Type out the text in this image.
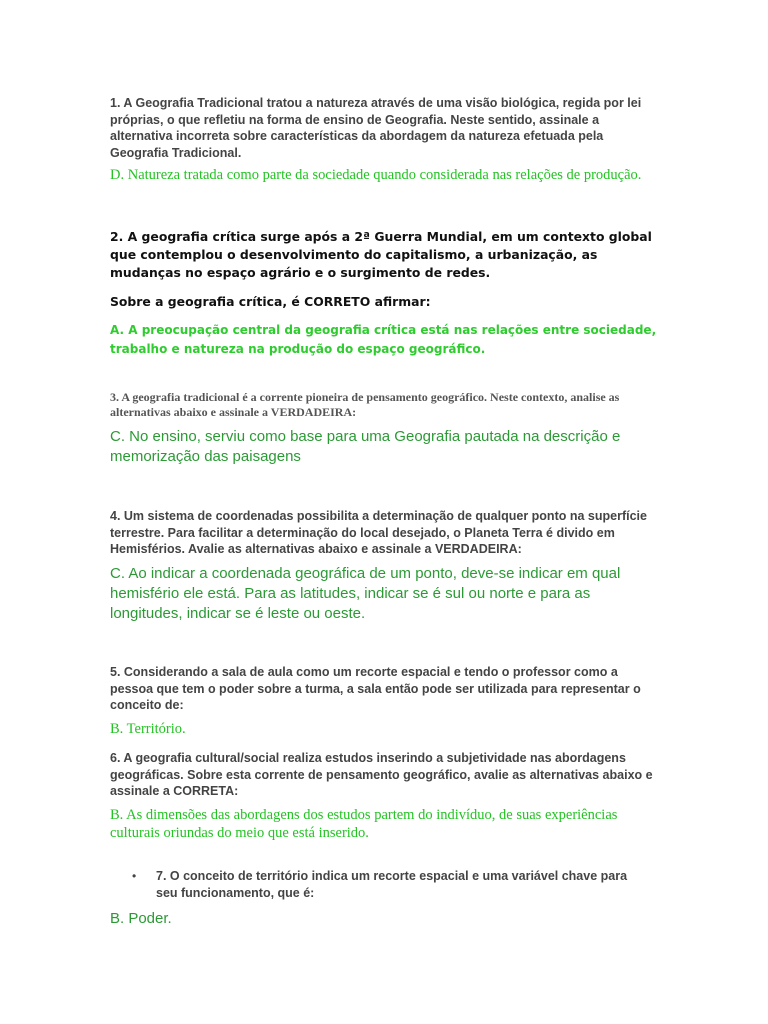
1. A Geografia Tradicional tratou a natureza através de uma visão biológica, regida por lei próprias, o que refletiu na forma de ensino de Geografia. Neste sentido, assinale a alternativa incorreta sobre características da abordagem da natureza efetuada pela Geografia Tradicional.

D. Natureza tratada como parte da sociedade quando considerada nas relações de produção.

2. A geografia crítica surge após a 2ª Guerra Mundial, em um contexto global que contemplou o desenvolvimento do capitalismo, a urbanização, as mudanças no espaço agrário e o surgimento de redes.

Sobre a geografia crítica, é CORRETO afirmar:

A. A preocupação central da geografia crítica está nas relações entre sociedade, trabalho e natureza na produção do espaço geográfico.

3. A geografia tradicional é a corrente pioneira de pensamento geográfico. Neste contexto, analise as alternativas abaixo e assinale a VERDADEIRA:

C. No ensino, serviu como base para uma Geografia pautada na descrição e memorização das paisagens

4. Um sistema de coordenadas possibilita a determinação de qualquer ponto na superfície terrestre. Para facilitar a determinação do local desejado, o Planeta Terra é divido em Hemisférios. Avalie as alternativas abaixo e assinale a VERDADEIRA:

C. Ao indicar a coordenada geográfica de um ponto, deve-se indicar em qual hemisfério ele está. Para as latitudes, indicar se é sul ou norte e para as longitudes, indicar se é leste ou oeste.

5. Considerando a sala de aula como um recorte espacial e tendo o professor como a pessoa que tem o poder sobre a turma, a sala então pode ser utilizada para representar o conceito de:

B. Território.

6. A geografia cultural/social realiza estudos inserindo a subjetividade nas abordagens geográficas. Sobre esta corrente de pensamento geográfico, avalie as alternativas abaixo e assinale a CORRETA:

B. As dimensões das abordagens dos estudos partem do indivíduo, de suas experiências culturais oriundas do meio que está inserido.

•	7. O conceito de território indica um recorte espacial e uma variável chave para seu funcionamento, que é:

B. Poder.
